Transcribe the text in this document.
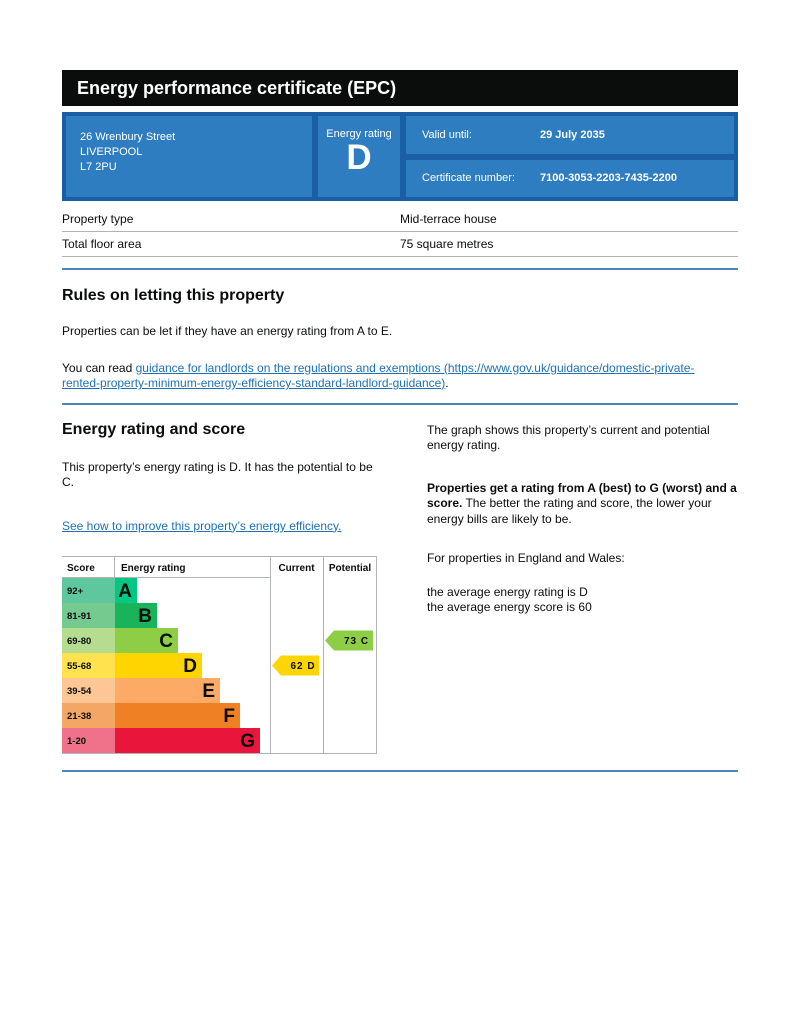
Energy performance certificate (EPC)
26 Wrenbury Street
LIVERPOOL
L7 2PU
Energy rating
D
Valid until:	29 July 2035
Certificate number: 7100-3053-2203-7435-2200
Property type	Mid-terrace house
Total floor area	75 square metres
Rules on letting this property

Properties can be let if they have an energy rating from A to E.

You can read guidance for landlords on the regulations and exemptions (https://www.gov.uk/guidance/domestic-private-rented-property-minimum-energy-efficiency-standard-landlord-guidance).

Energy rating and score

This property’s energy rating is D. It has the potential to be C.

See how to improve this property’s energy efficiency.

92+ A
81-91 B
69-80	C
55-68	D
39-54	E
21-38	F
1-20	G
Score	Energy rating	Current Potential
62 D
73 C

The graph shows this property’s current and potential energy rating.

Properties get a rating from A (best) to G (worst) and a score. The better the rating and score, the lower your energy bills are likely to be.

For properties in England and Wales:

the average energy rating is D
the average energy score is 60
